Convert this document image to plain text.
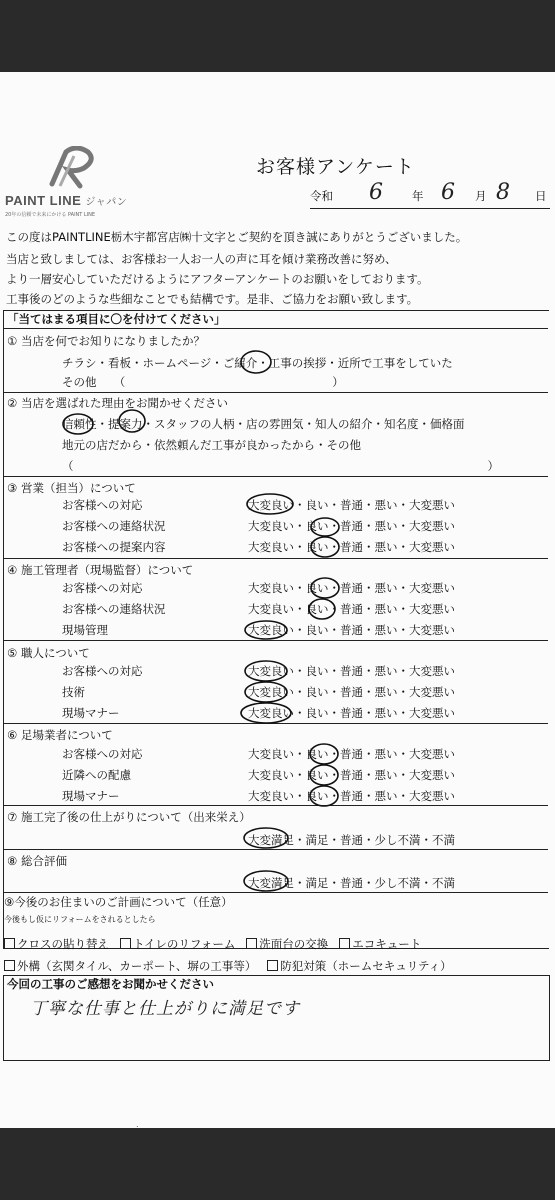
PAINT LINE ジャパン
20年の信頼で未来にかける PAINT LINE
お客様アンケート
令和 6	年 6 月 8 日
この度はPAINTLINE栃木宇都宮店㈱十文字とご契約を頂き誠にありがとうございました。
当店と致しましては、お客様お一人お一人の声に耳を傾け業務改善に努め、
より一層安心していただけるようにアフターアンケートのお願いをしております。
工事後のどのような些細なことでも結構です。是非、ご協力をお願い致します。
「当てはまる項目に〇を付けてください」
① 当店を何でお知りになりましたか？
チラシ・看板・ホームページ・ご紹介・工事の挨拶・近所で工事をしていた
その他　　（　　　　　　　　　　　　　　　　　　）
② 当店を選ばれた理由をお聞かせください
信頼性・提案力・スタッフの人柄・店の雰囲気・知人の紹介・知名度・価格面
地元の店だから・依然頼んだ工事が良かったから・その他
（　　　　　　　　　　　　　　　　　　　　　　　　　　　　　　　　　　　　）
③ 営業（担当）について
④ 施工管理者（現場監督）について
⑤ 職人について
⑥ 足場業者について
⑦ 施工完了後の仕上がりについて（出来栄え）
大変満足・満足・普通・少し不満・不満
⑧ 総合評価
大変満足・満足・普通・少し不満・不満
⑨今後のお住まいのご計画について（任意）
今後もし仮にリフォームをされるとしたら
クロスの貼り替え トイレのリフォーム 洗面台の交換 エコキュート
外構（玄関タイル、カーポート、塀の工事等） 防犯対策（ホームセキュリティ）
今回の工事のご感想をお聞かせください
丁寧な仕事と仕上がりに満足です
.
お客様への対応	大変良い・良い・普通・悪い・大変悪い
お客様への連絡状況	大変良い・良い・普通・悪い・大変悪い
お客様への提案内容	大変良い・良い・普通・悪い・大変悪い
お客様への対応	大変良い・良い・普通・悪い・大変悪い
お客様への連絡状況	大変良い・良い・普通・悪い・大変悪い
現場管理	大変良い・良い・普通・悪い・大変悪い
お客様への対応	大変良い・良い・普通・悪い・大変悪い
技術	大変良い・良い・普通・悪い・大変悪い
現場マナー	大変良い・良い・普通・悪い・大変悪い
お客様への対応	大変良い・良い・普通・悪い・大変悪い
近隣への配慮	大変良い・良い・普通・悪い・大変悪い
現場マナー	大変良い・良い・普通・悪い・大変悪い
